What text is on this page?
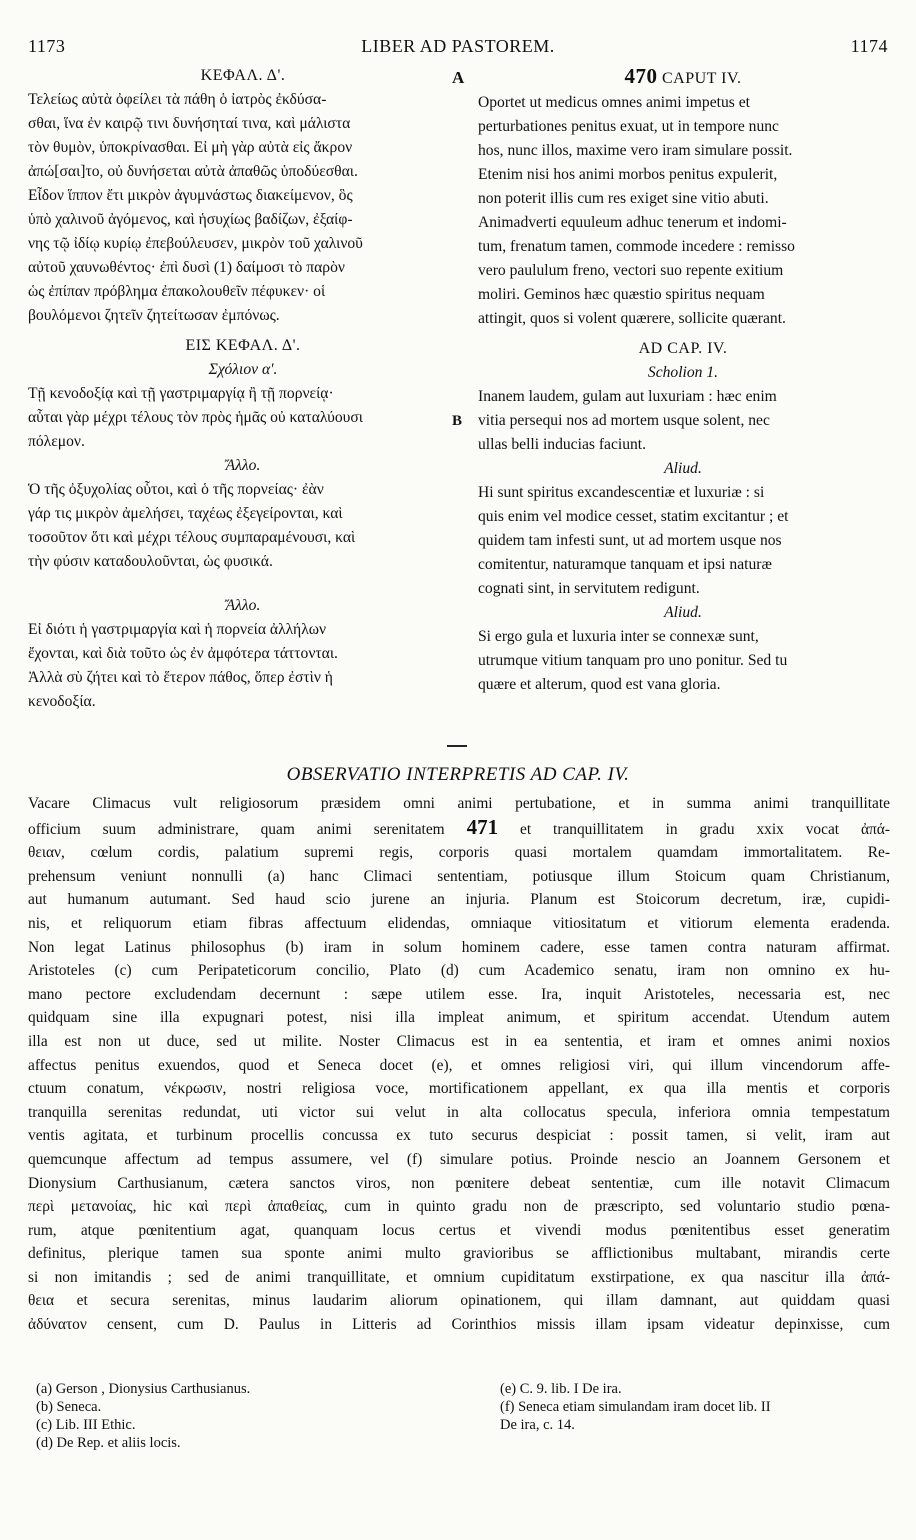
1173	LIBER AD PASTOREM.	1174
A
B
ΚΕΦΑΛ. Δ'.
Τελείως αὐτὰ ὀφείλει τὰ πάθη ὁ ἰατρὸς ἐκδύσα-
σθαι, ἵνα ἐν καιρῷ τινι δυνήσηταί τινα, καὶ μάλιστα
τὸν θυμὸν, ὑποκρίνασθαι. Εἰ μὴ γὰρ αὐτὰ εἰς ἄκρον
ἀπώ[σαι]το, οὐ δυνήσεται αὐτὰ ἀπαθῶς ὑποδύεσθαι.
Εἶδον ἵππον ἔτι μικρὸν ἀγυμνάστως διακείμενον, ὃς
ὑπὸ χαλινοῦ ἀγόμενος, καὶ ἡσυχίως βαδίζων, ἐξαίφ-
νης τῷ ἰδίῳ κυρίῳ ἐπεβούλευσεν, μικρὸν τοῦ χαλινοῦ
αὐτοῦ χαυνωθέντος· ἐπὶ δυσὶ (1) δαίμοσι τὸ παρὸν
ὡς ἐπίπαν πρόβλημα ἐπακολουθεῖν πέφυκεν· οἱ
βουλόμενοι ζητεῖν ζητείτωσαν ἐμπόνως.
ΕΙΣ ΚΕΦΑΛ. Δ'.
Σχόλιον α'.
Τῇ κενοδοξίᾳ καὶ τῇ γαστριμαργίᾳ ἢ τῇ πορνείᾳ·
αὗται γὰρ μέχρι τέλους τὸν πρὸς ἡμᾶς οὐ καταλύουσι
πόλεμον.
Ἄλλο.
Ὁ τῆς ὀξυχολίας οὗτοι, καὶ ὁ τῆς πορνείας· ἐὰν
γάρ τις μικρὸν ἀμελήσει, ταχέως ἐξεγείρονται, καὶ
τοσοῦτον ὅτι καὶ μέχρι τέλους συμπαραμένουσι, καὶ
τὴν φύσιν καταδουλοῦνται, ὡς φυσικά.
Ἄλλο.
Εἰ διότι ἡ γαστριμαργία καὶ ἡ πορνεία ἀλλήλων
ἔχονται, καὶ διὰ τοῦτο ὡς ἐν ἀμφότερα τάττονται.
Ἀλλὰ σὺ ζήτει καὶ τὸ ἕτερον πάθος, ὅπερ ἐστὶν ἡ
κενοδοξία.
470 CAPUT IV.
Oportet ut medicus omnes animi impetus et
perturbationes penitus exuat, ut in tempore nunc
hos, nunc illos, maxime vero iram simulare possit.
Etenim nisi hos animi morbos penitus expulerit,
non poterit illis cum res exiget sine vitio abuti.
Animadverti equuleum adhuc tenerum et indomi-
tum, frenatum tamen, commode incedere : remisso
vero paululum freno, vectori suo repente exitium
moliri. Geminos hæc quæstio spiritus nequam
attingit, quos si volent quærere, sollicite quærant.
AD CAP. IV.
Scholion 1.
Inanem laudem, gulam aut luxuriam : hæc enim
vitia persequi nos ad mortem usque solent, nec
ullas belli inducias faciunt.
Aliud.
Hi sunt spiritus excandescentiæ et luxuriæ : si
quis enim vel modice cesset, statim excitantur ; et
quidem tam infesti sunt, ut ad mortem usque nos
comitentur, naturamque tanquam et ipsi naturæ
cognati sint, in servitutem redigunt.
Aliud.
Si ergo gula et luxuria inter se connexæ sunt,
utrumque vitium tanquam pro uno ponitur. Sed tu
quære et alterum, quod est vana gloria.
OBSERVATIO INTERPRETIS AD CAP. IV.
Vacare Climacus vult religiosorum præsidem omni animi pertubatione, et in summa animi tranquillitate
officium suum administrare, quam animi serenitatem 471 et tranquillitatem in gradu xxix vocat ἀπά-
θειαν, cœlum cordis, palatium supremi regis, corporis quasi mortalem quamdam immortalitatem. Re-
prehensum veniunt nonnulli (a) hanc Climaci sententiam, potiusque illum Stoicum quam Christianum,
aut humanum autumant. Sed haud scio jurene an injuria. Planum est Stoicorum decretum, iræ, cupidi-
nis, et reliquorum etiam fibras affectuum elidendas, omniaque vitiositatum et vitiorum elementa eradenda.
Non legat Latinus philosophus (b) iram in solum hominem cadere, esse tamen contra naturam affirmat.
Aristoteles (c) cum Peripateticorum concilio, Plato (d) cum Academico senatu, iram non omnino ex hu-
mano pectore excludendam decernunt : sæpe utilem esse. Ira, inquit Aristoteles, necessaria est, nec
quidquam sine illa expugnari potest, nisi illa impleat animum, et spiritum accendat. Utendum autem
illa est non ut duce, sed ut milite. Noster Climacus est in ea sententia, et iram et omnes animi noxios
affectus penitus exuendos, quod et Seneca docet (e), et omnes religiosi viri, qui illum vincendorum affe-
ctuum conatum, νέκρωσιν, nostri religiosa voce, mortificationem appellant, ex qua illa mentis et corporis
tranquilla serenitas redundat, uti victor sui velut in alta collocatus specula, inferiora omnia tempestatum
ventis agitata, et turbinum procellis concussa ex tuto securus despiciat : possit tamen, si velit, iram aut
quemcunque affectum ad tempus assumere, vel (f) simulare potius. Proinde nescio an Joannem Gersonem et
Dionysium Carthusianum, cætera sanctos viros, non pœnitere debeat sententiæ, cum ille notavit Climacum
περὶ μετανοίας, hic καὶ περὶ ἀπαθείας, cum in quinto gradu non de præscripto, sed voluntario studio pœna-
rum, atque pœnitentium agat, quanquam locus certus et vivendi modus pœnitentibus esset generatim
definitus, plerique tamen sua sponte animi multo gravioribus se afflictionibus multabant, mirandis certe
si non imitandis ; sed de animi tranquillitate, et omnium cupiditatum exstirpatione, ex qua nascitur illa ἀπά-
θεια et secura serenitas, minus laudarim aliorum opinationem, qui illam damnant, aut quiddam quasi
ἀδύνατον censent, cum D. Paulus in Litteris ad Corinthios missis illam ipsam videatur depinxisse, cum
(a) Gerson , Dionysius Carthusianus.
(b) Seneca.
(c) Lib. III Ethic.
(d) De Rep. et aliis locis.
(e) C. 9. lib. I De ira.
(f) Seneca etiam simulandam iram docet lib. II
De ira, c. 14.
